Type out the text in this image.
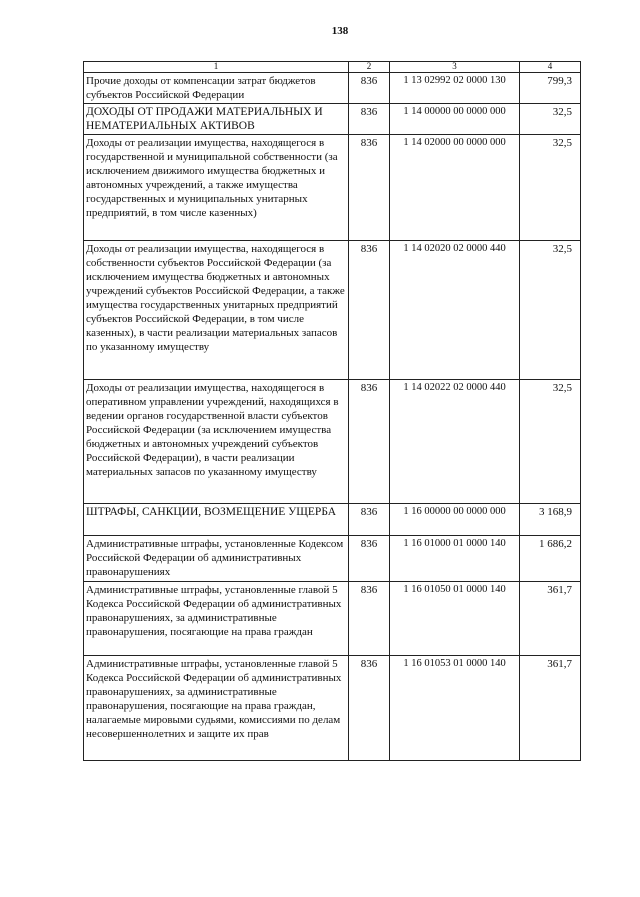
138
1	2	3	4
Прочие доходы от компенсации затрат бюджетов субъектов Российской Федерации	836	1 13 02992 02 0000 130	799,3
ДОХОДЫ ОТ ПРОДАЖИ МАТЕРИАЛЬНЫХ И НЕМАТЕРИАЛЬНЫХ АКТИВОВ	836	1 14 00000 00 0000 000	32,5
Доходы от реализации имущества, находящегося в государственной и муниципальной собственности (за исключением движимого имущества бюджетных и автономных учреждений, а также имущества государственных и муниципальных унитарных предприятий, в том числе казенных)	836	1 14 02000 00 0000 000	32,5
Доходы от реализации имущества, находящегося в собственности субъектов Российской Федерации (за исключением имущества бюджетных и автономных учреждений субъектов Российской Федерации, а также имущества государственных унитарных предприятий субъектов Российской Федерации, в том числе казенных), в части реализации материальных запасов по указанному имуществу	836	1 14 02020 02 0000 440	32,5
Доходы от реализации имущества, находящегося в оперативном управлении учреждений, находящихся в ведении органов государственной власти субъектов Российской Федерации (за исключением имущества бюджетных и автономных учреждений субъектов Российской Федерации), в части реализации материальных запасов по указанному имуществу	836	1 14 02022 02 0000 440	32,5
ШТРАФЫ, САНКЦИИ, ВОЗМЕЩЕНИЕ УЩЕРБА	836	1 16 00000 00 0000 000	3 168,9
Административные штрафы, установленные Кодексом Российской Федерации об административных правонарушениях	836	1 16 01000 01 0000 140	1 686,2
Административные штрафы, установленные главой 5 Кодекса Российской Федерации об административных правонарушениях, за административные правонарушения, посягающие на права граждан	836	1 16 01050 01 0000 140	361,7
Административные штрафы, установленные главой 5 Кодекса Российской Федерации об административных правонарушениях, за административные правонарушения, посягающие на права граждан, налагаемые мировыми судьями, комиссиями по делам несовершеннолетних и защите их прав	836	1 16 01053 01 0000 140	361,7
